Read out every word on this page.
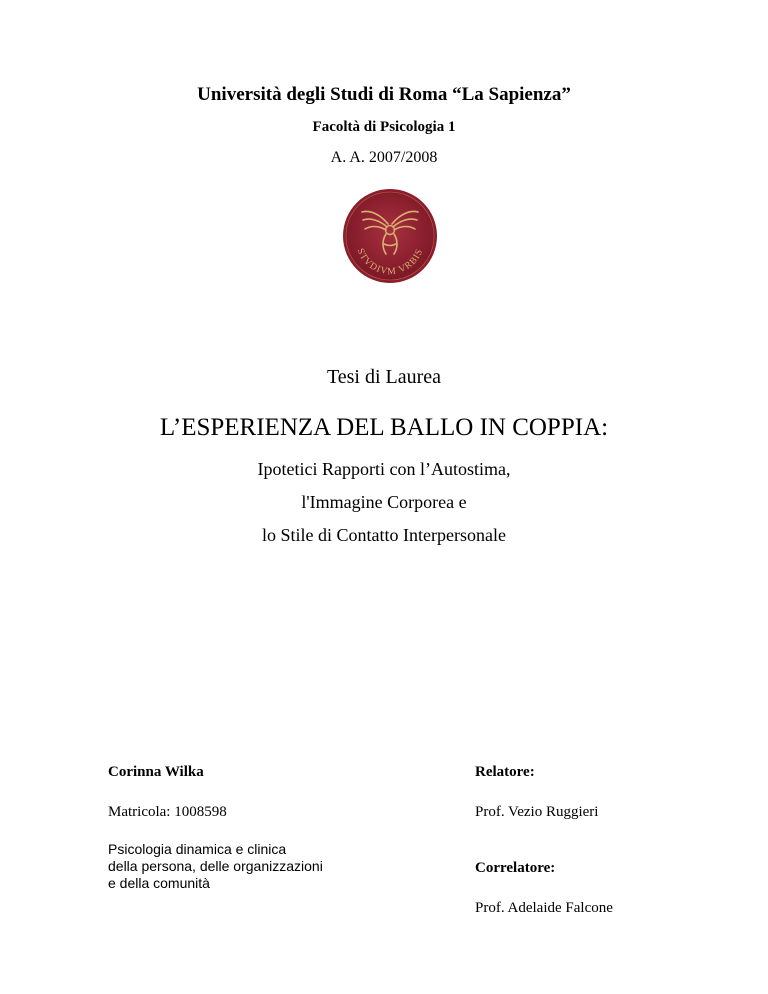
Università degli Studi di Roma “La Sapienza”
Facoltà di Psicologia 1
A. A. 2007/2008
STVDIVM VRBIS
Tesi di Laurea
L’ESPERIENZA DEL BALLO IN COPPIA:
Ipotetici Rapporti con l’Autostima,
l'Immagine Corporea e
lo Stile di Contatto Interpersonale
Corinna Wilka
Matricola: 1008598
Psicologia dinamica e clinica
della persona, delle organizzazioni
e della comunità
Relatore:
Prof. Vezio Ruggieri
Correlatore:
Prof. Adelaide Falcone
